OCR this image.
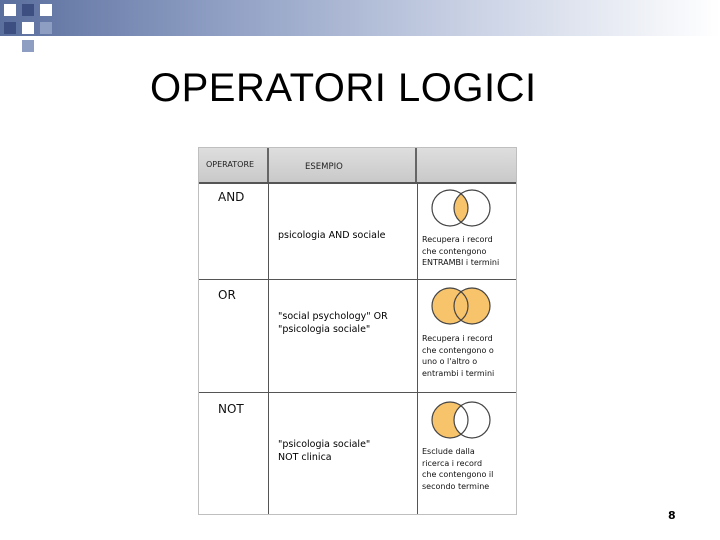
OPERATORI LOGICI
OPERATORE	ESEMPIO
AND
psicologia AND sociale	Recupera i record
che contengono
ENTRAMBI i termini
OR
"social psychology" OR
"psicologia sociale"
Recupera i record
che contengono o
uno o l'altro o
entrambi i termini
NOT
"psicologia sociale"
NOT clinica
Esclude dalla
ricerca i record
che contengono il
secondo termine
8
